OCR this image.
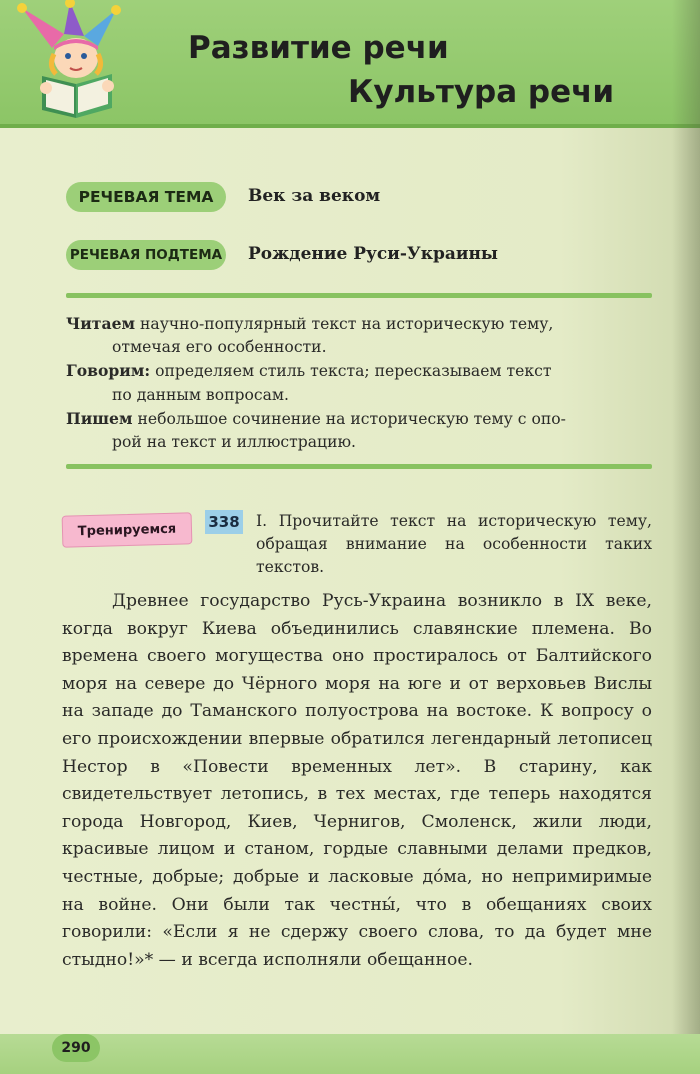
Развитие речи
Культура речи
РЕЧЕВАЯ ТЕМА	Век за веком
РЕЧЕВАЯ ПОДТЕМА Рождение Руси-Украины

Читаем научно-популярный текст на историческую тему,
отмечая его особенности.

Говорим: определяем стиль текста; пересказываем текст
по данным вопросам.

Пишем небольшое сочинение на историческую тему с опо-
рой на текст и иллюстрацию.

Тренируемся	338 I. Прочитайте текст на историческую тему, обращая внимание на особенности таких текстов.

Древнее государство Русь-Украина возникло в IX веке, когда вокруг Киева объединились славянские племена. Во времена своего могущества оно простиралось от Балтийского моря на севере до Чёрного моря на юге и от верховьев Вислы на западе до Таманского полуострова на востоке. К вопросу о его происхождении впервые обратился легендарный летописец Нестор в «Повести временных лет». В старину, как свидетельствует летопись, в тех местах, где теперь находятся города Новгород, Киев, Чернигов, Смоленск, жили люди, красивые лицом и станом, гордые славными делами предков, честные, добрые; добрые и ласковые до́ма, но непримиримые на войне. Они были так честны́, что в обещаниях своих говорили: «Если я не сдержу своего слова, то да будет мне стыдно!»* — и всегда исполняли обещанное.

290
